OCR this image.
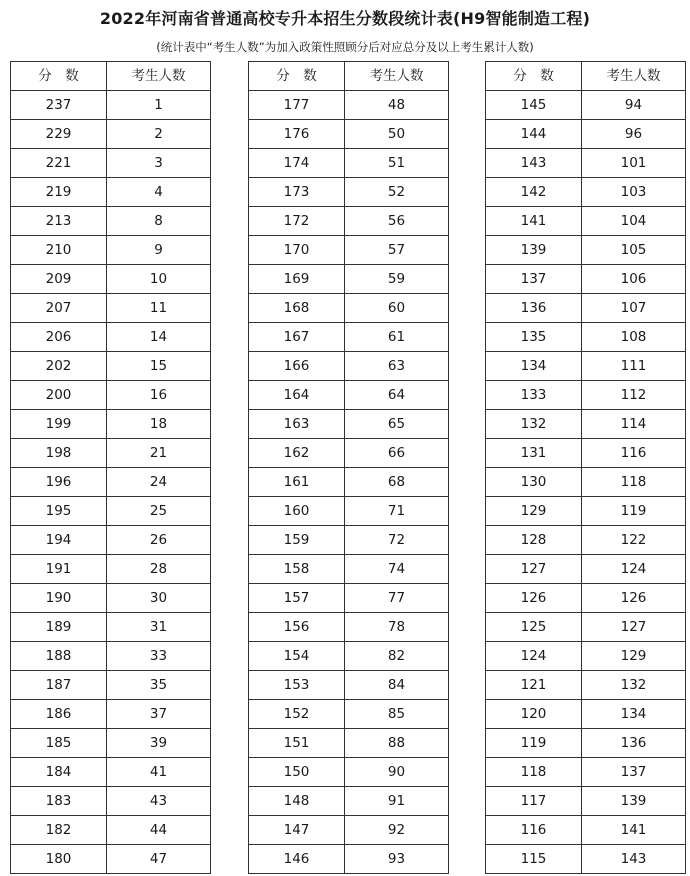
2022年河南省普通高校专升本招生分数段统计表(H9智能制造工程)
(统计表中“考生人数”为加入政策性照顾分后对应总分及以上考生累计人数)
分　数	考生人数
237	1
229	2
221	3
219	4
213	8
210	9
209	10
207	11
206	14
202	15
200	16
199	18
198	21
196	24
195	25
194	26
191	28
190	30
189	31
188	33
187	35
186	37
185	39
184	41
183	43
182	44
180	47
分　数	考生人数
177	48
176	50
174	51
173	52
172	56
170	57
169	59
168	60
167	61
166	63
164	64
163	65
162	66
161	68
160	71
159	72
158	74
157	77
156	78
154	82
153	84
152	85
151	88
150	90
148	91
147	92
146	93
分　数	考生人数
145	94
144	96
143	101
142	103
141	104
139	105
137	106
136	107
135	108
134	111
133	112
132	114
131	116
130	118
129	119
128	122
127	124
126	126
125	127
124	129
121	132
120	134
119	136
118	137
117	139
116	141
115	143
